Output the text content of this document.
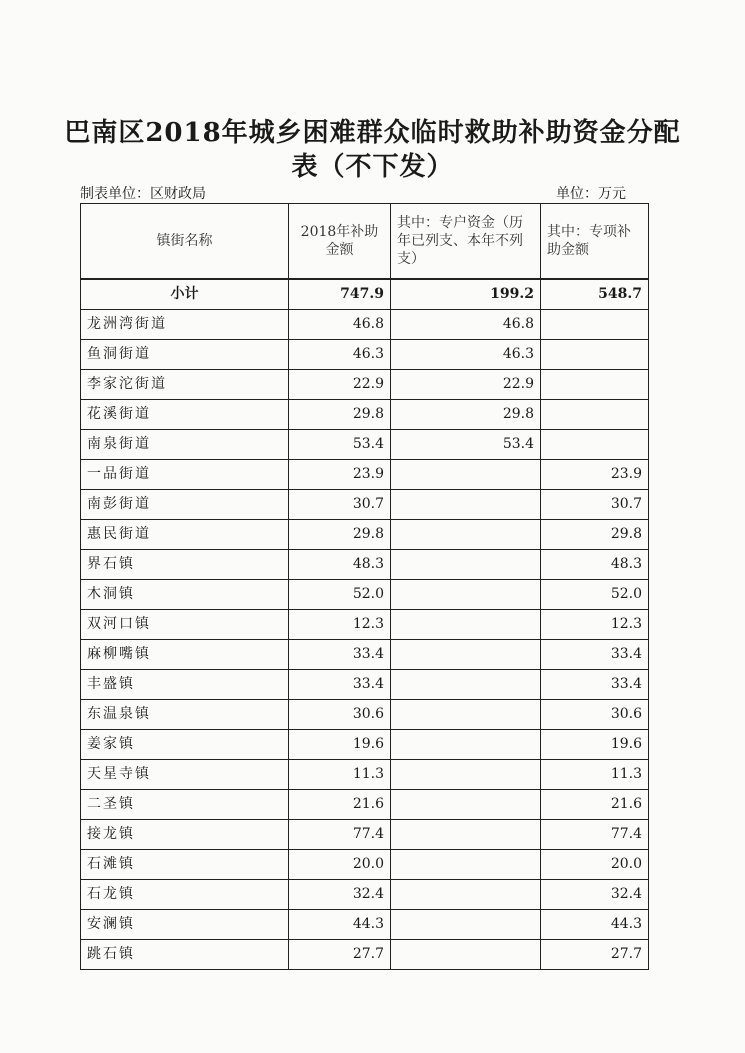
巴南区2018年城乡困难群众临时救助补助资金分配
表（不下发）
制表单位：区财政局	单位：万元
镇街名称	2018年补助金额	其中：专户资金（历年已列支、本年不列支）	其中：专项补助金额
小计	747.9	199.2	548.7
龙洲湾街道	46.8	46.8	
鱼洞街道	46.3	46.3	
李家沱街道	22.9	22.9	
花溪街道	29.8	29.8	
南泉街道	53.4	53.4	
一品街道	23.9		23.9
南彭街道	30.7		30.7
惠民街道	29.8		29.8
界石镇	48.3		48.3
木洞镇	52.0		52.0
双河口镇	12.3		12.3
麻柳嘴镇	33.4		33.4
丰盛镇	33.4		33.4
东温泉镇	30.6		30.6
姜家镇	19.6		19.6
天星寺镇	11.3		11.3
二圣镇	21.6		21.6
接龙镇	77.4		77.4
石滩镇	20.0		20.0
石龙镇	32.4		32.4
安澜镇	44.3		44.3
跳石镇	27.7		27.7
